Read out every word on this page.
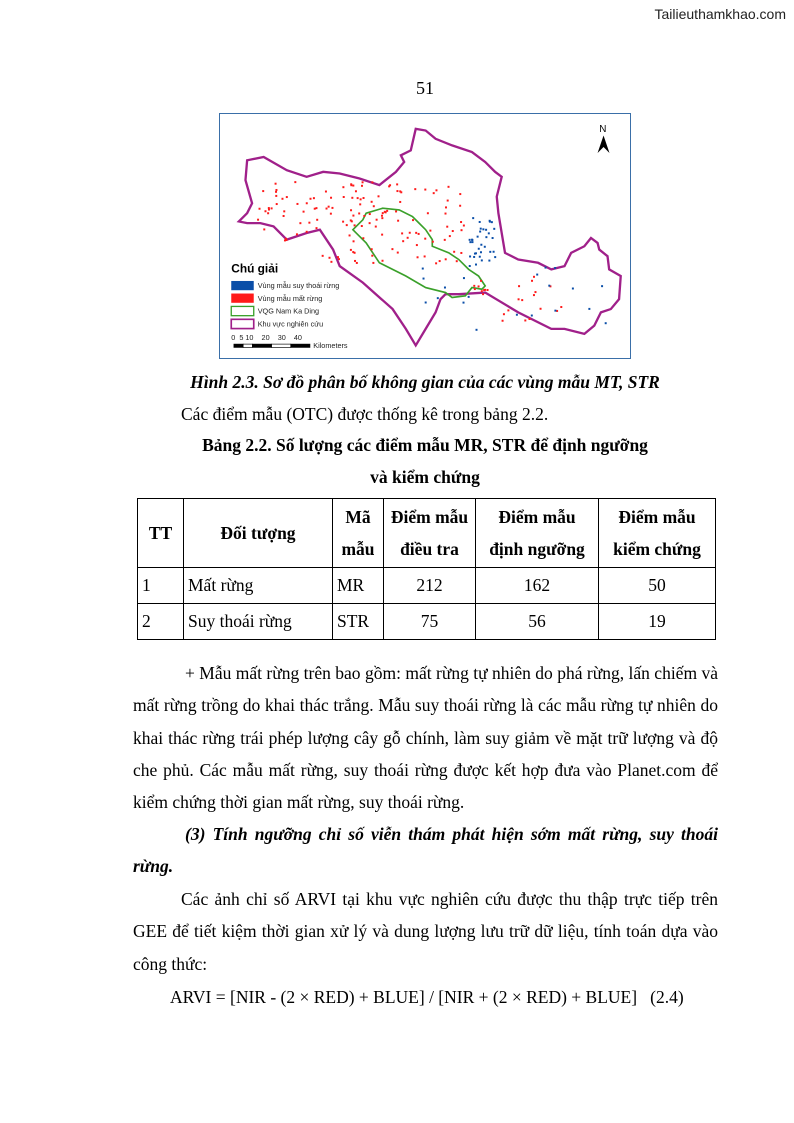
Tailieuthamkhao.com
51
N
Chú giải
Vùng mẫu suy thoái rừng
Vùng mẫu mất rừng
VQG Nam Ka Ding
Khu vực nghiên cứu
0  5 10    20    30    40
Kilometers
Hình 2.3. Sơ đồ phân bố không gian của các vùng mẫu MT, STR
Các điểm mẫu (OTC) được thống kê trong bảng 2.2.
Bảng 2.2. Số lượng các điểm mẫu MR, STR để định ngưỡng
và kiểm chứng
TT	Đối tượng	Mã mẫu	Điểm mẫu điều tra	Điểm mẫu định ngưỡng	Điểm mẫu kiểm chứng
1	Mất rừng	MR	212	162	50
2	Suy thoái rừng	STR	75	56	19
+ Mẫu mất rừng trên bao gồm: mất rừng tự nhiên do phá rừng, lấn chiếm và mất rừng trồng do khai thác trắng. Mẫu suy thoái rừng là các mẫu rừng tự nhiên do khai thác rừng trái phép lượng cây gỗ chính, làm suy giảm về mặt trữ lượng và độ che phủ. Các mẫu mất rừng, suy thoái rừng được kết hợp đưa vào Planet.com để kiểm chứng thời gian mất rừng, suy thoái rừng.
(3) Tính ngưỡng chỉ số viễn thám phát hiện sớm mất rừng, suy thoái rừng.
Các ảnh chỉ số ARVI tại khu vực nghiên cứu được thu thập trực tiếp trên GEE để tiết kiệm thời gian xử lý và dung lượng lưu trữ dữ liệu, tính toán dựa vào công thức:
ARVI = [NIR - (2 × RED) + BLUE] / [NIR + (2 × RED) + BLUE]   (2.4)
